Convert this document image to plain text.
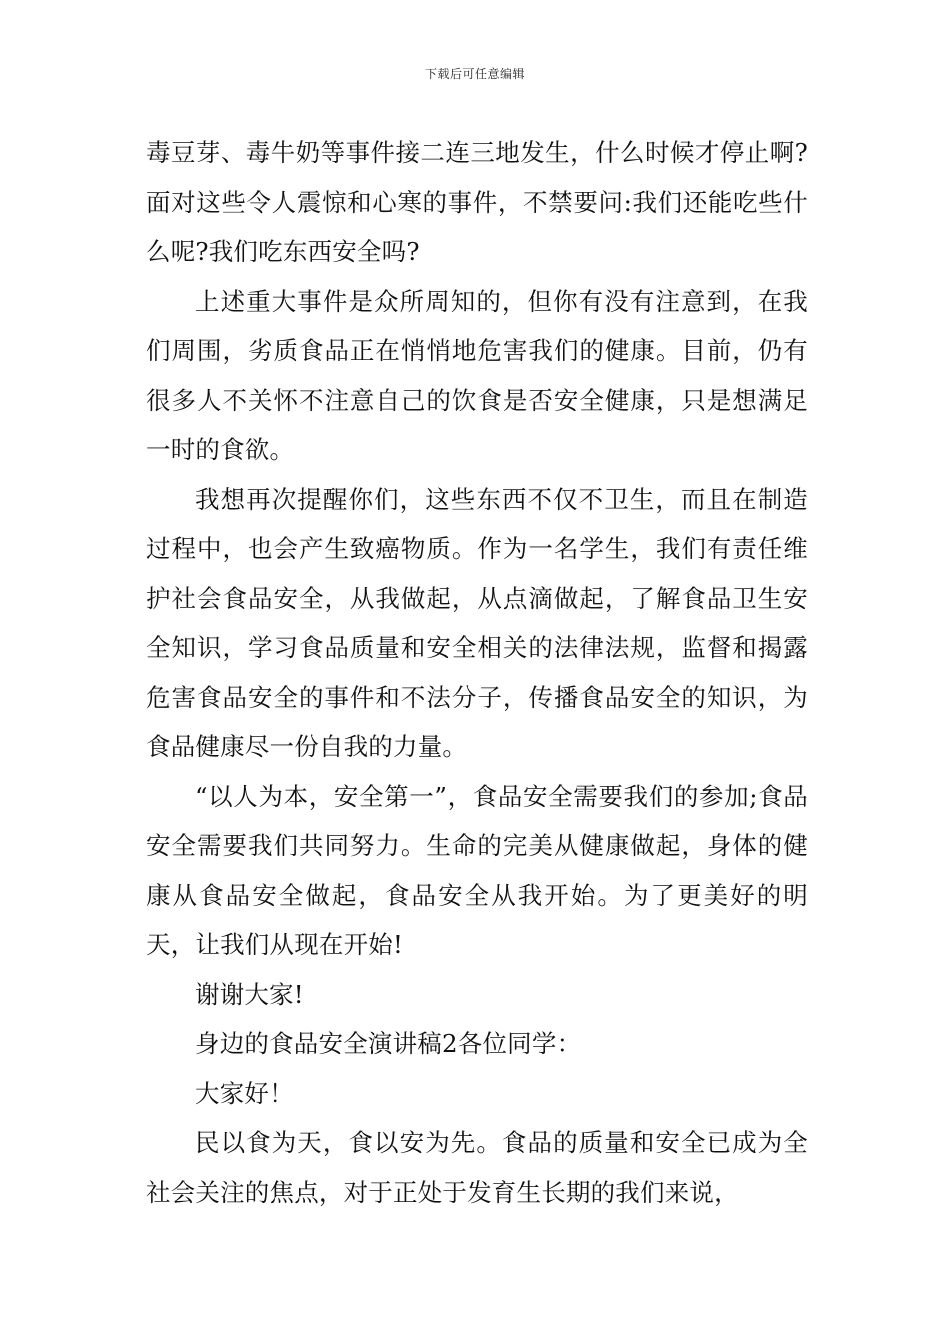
下载后可任意编辑

毒豆芽、毒牛奶等事件接二连三地发生，什么时候才停止啊?面对这些令人震惊和心寒的事件，不禁要问:我们还能吃些什么呢?我们吃东西安全吗?

上述重大事件是众所周知的，但你有没有注意到，在我们周围，劣质食品正在悄悄地危害我们的健康。目前，仍有很多人不关怀不注意自己的饮食是否安全健康，只是想满足一时的食欲。

我想再次提醒你们，这些东西不仅不卫生，而且在制造过程中，也会产生致癌物质。作为一名学生，我们有责任维护社会食品安全，从我做起，从点滴做起，了解食品卫生安全知识，学习食品质量和安全相关的法律法规，监督和揭露危害食品安全的事件和不法分子，传播食品安全的知识，为食品健康尽一份自我的力量。

“以人为本，安全第一”，食品安全需要我们的参加;食品安全需要我们共同努力。生命的完美从健康做起，身体的健康从食品安全做起，食品安全从我开始。为了更美好的明天，让我们从现在开始!

谢谢大家!

身边的食品安全演讲稿2各位同学：

大家好！

民以食为天，食以安为先。食品的质量和安全已成为全社会关注的焦点，对于正处于发育生长期的我们来说，
